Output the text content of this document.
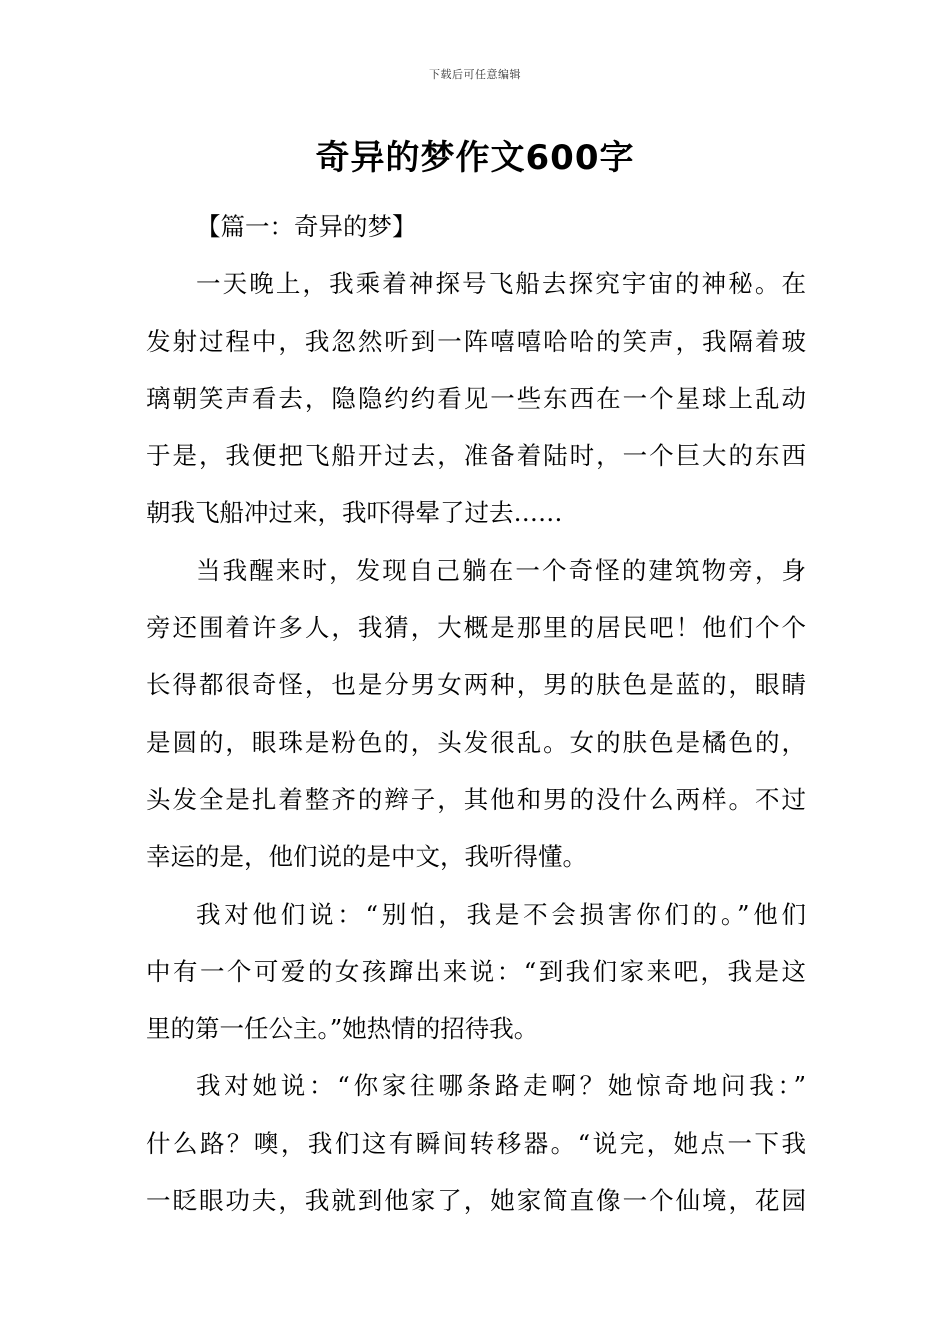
下载后可任意编辑
奇异的梦作文600字
【篇一：奇异的梦】
一天晚上，我乘着神探号飞船去探究宇宙的神秘。在
发射过程中，我忽然听到一阵嘻嘻哈哈的笑声，我隔着玻
璃朝笑声看去，隐隐约约看见一些东西在一个星球上乱动
于是，我便把飞船开过去，准备着陆时，一个巨大的东西
朝我飞船冲过来，我吓得晕了过去……
当我醒来时，发现自己躺在一个奇怪的建筑物旁，身
旁还围着许多人，我猜，大概是那里的居民吧！他们个个
长得都很奇怪，也是分男女两种，男的肤色是蓝的，眼睛
是圆的，眼珠是粉色的，头发很乱。女的肤色是橘色的，
头发全是扎着整齐的辫子，其他和男的没什么两样。不过
幸运的是，他们说的是中文，我听得懂。
我对他们说：“别怕，我是不会损害你们的。”他们
中有一个可爱的女孩蹿出来说：“到我们家来吧，我是这
里的第一任公主。”她热情的招待我。
我对她说：“你家往哪条路走啊？她惊奇地问我：”
什么路？噢，我们这有瞬间转移器。“说完，她点一下我
一眨眼功夫，我就到他家了，她家简直像一个仙境，花园
